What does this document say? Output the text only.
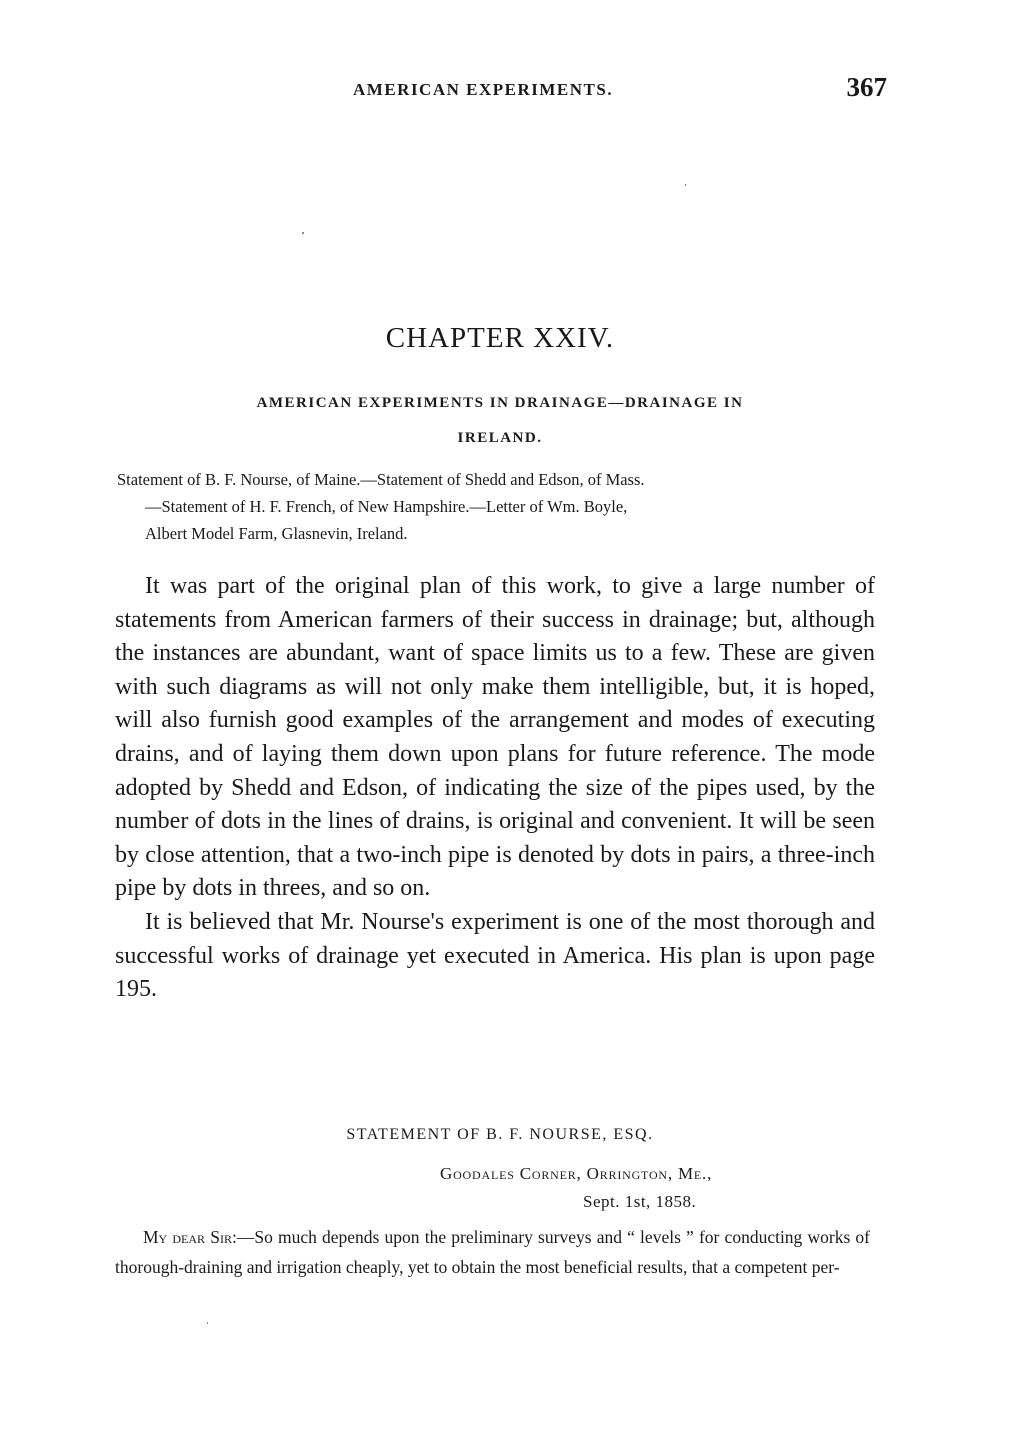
AMERICAN EXPERIMENTS.	367
CHAPTER XXIV.
AMERICAN EXPERIMENTS IN DRAINAGE—DRAINAGE IN
IRELAND.
Statement of B. F. Nourse, of Maine.—Statement of Shedd and Edson, of Mass.
—Statement of H. F. French, of New Hampshire.—Letter of Wm. Boyle,
Albert Model Farm, Glasnevin, Ireland.

It was part of the original plan of this work, to give a large number of statements from American farmers of their success in drainage; but, although the instances are abundant, want of space limits us to a few. These are given with such diagrams as will not only make them intelligible, but, it is hoped, will also furnish good examples of the arrangement and modes of executing drains, and of laying them down upon plans for future reference. The mode adopted by Shedd and Edson, of indicating the size of the pipes used, by the number of dots in the lines of drains, is original and convenient. It will be seen by close attention, that a two-inch pipe is denoted by dots in pairs, a three-inch pipe by dots in threes, and so on.

It is believed that Mr. Nourse's experiment is one of the most thorough and successful works of drainage yet executed in America. His plan is upon page 195.

STATEMENT OF B. F. NOURSE, ESQ.
Goodales Corner, Orrington, Me.,
Sept. 1st, 1858.

My dear Sir:—So much depends upon the preliminary surveys and “ levels ” for conducting works of thorough-draining and irrigation cheaply, yet to obtain the most beneficial results, that a competent per-
